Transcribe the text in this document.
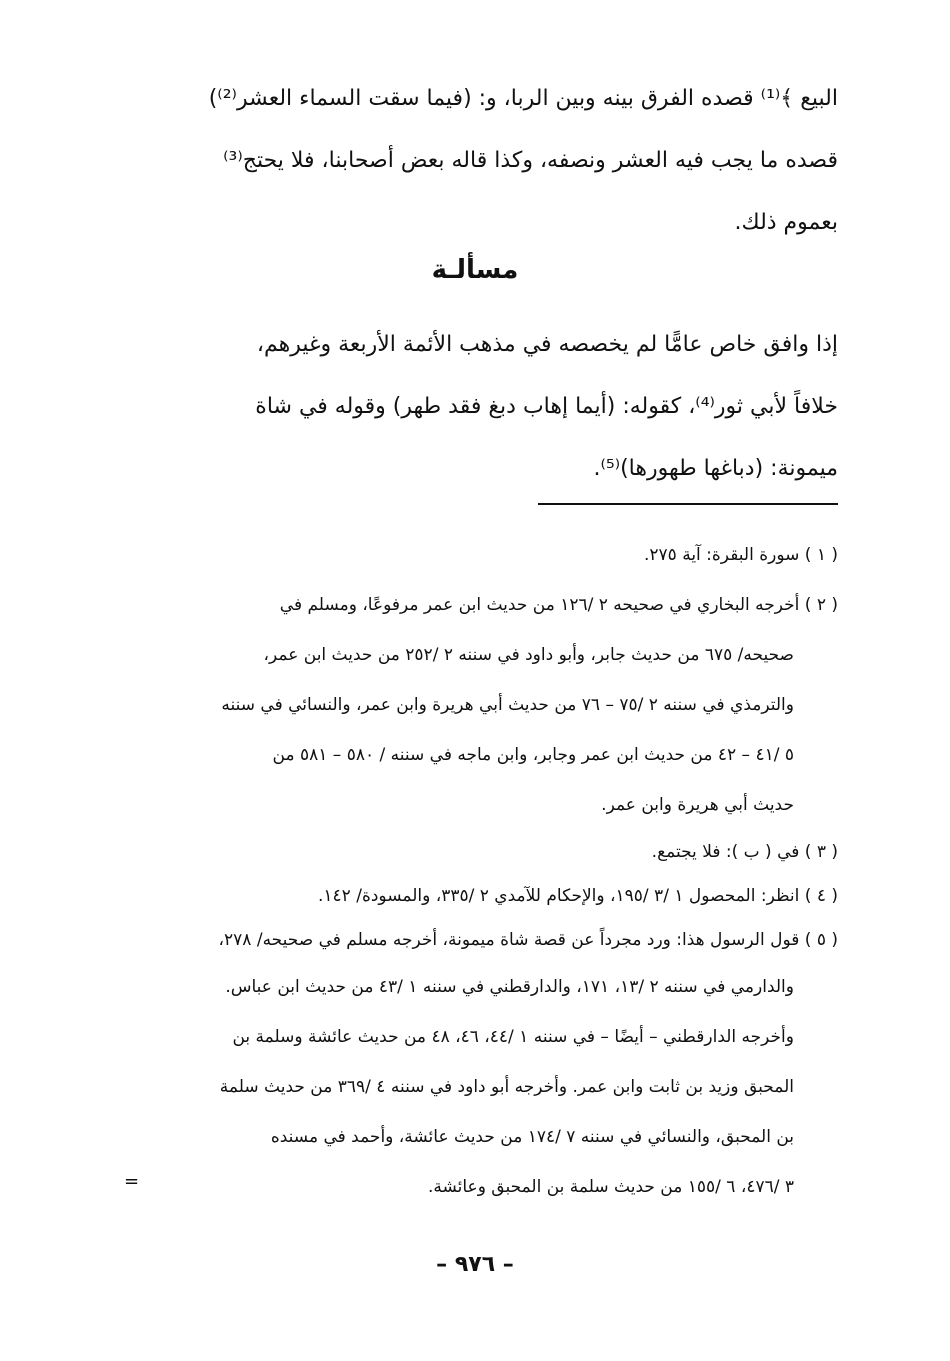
البيع ﴾⁽¹⁾ قصده الفرق بينه وبين الربا، و: (فيما سقت السماء العشر⁽²⁾)
قصده ما يجب فيه العشر ونصفه، وكذا قاله بعض أصحابنا، فلا يحتج⁽³⁾
بعموم ذلك.
مسألـة
إذا وافق خاص عامًّا لم يخصصه في مذهب الأئمة الأربعة وغيرهم،
خلافاً لأبي ثور⁽⁴⁾، كقوله: (أيما إهاب دبغ فقد طهر) وقوله في شاة
ميمونة: (دباغها طهورها)⁽⁵⁾.
( ١ ) سورة البقرة: آية ٢٧٥.
( ٢ ) أخرجه البخاري في صحيحه ٢ /١٢٦ من حديث ابن عمر مرفوعًا، ومسلم في
صحيحه/ ٦٧٥ من حديث جابر، وأبو داود في سننه ٢ /٢٥٢ من حديث ابن عمر،
والترمذي في سننه ٢ /٧٥ – ٧٦ من حديث أبي هريرة وابن عمر، والنسائي في سننه
٥ /٤١ – ٤٢ من حديث ابن عمر وجابر، وابن ماجه في سننه / ٥٨٠ – ٥٨١ من
حديث أبي هريرة وابن عمر.
( ٣ ) في ( ب ): فلا يجتمع.
( ٤ ) انظر: المحصول ١ /٣ /١٩٥، والإحكام للآمدي ٢ /٣٣٥، والمسودة/ ١٤٢.
( ٥ ) قول الرسول هذا: ورد مجرداً عن قصة شاة ميمونة، أخرجه مسلم في صحيحه/ ٢٧٨،
والدارمي في سننه ٢ /١٣، ١٧١، والدارقطني في سننه ١ /٤٣ من حديث ابن عباس.
وأخرجه الدارقطني – أيضًا – في سننه ١ /٤٤، ٤٦، ٤٨ من حديث عائشة وسلمة بن
المحبق وزيد بن ثابت وابن عمر. وأخرجه أبو داود في سننه ٤ /٣٦٩ من حديث سلمة
بن المحبق، والنسائي في سننه ٧ /١٧٤ من حديث عائشة، وأحمد في مسنده
٣ /٤٧٦، ٦ /١٥٥ من حديث سلمة بن المحبق وعائشة.
=
– ٩٧٦ –
